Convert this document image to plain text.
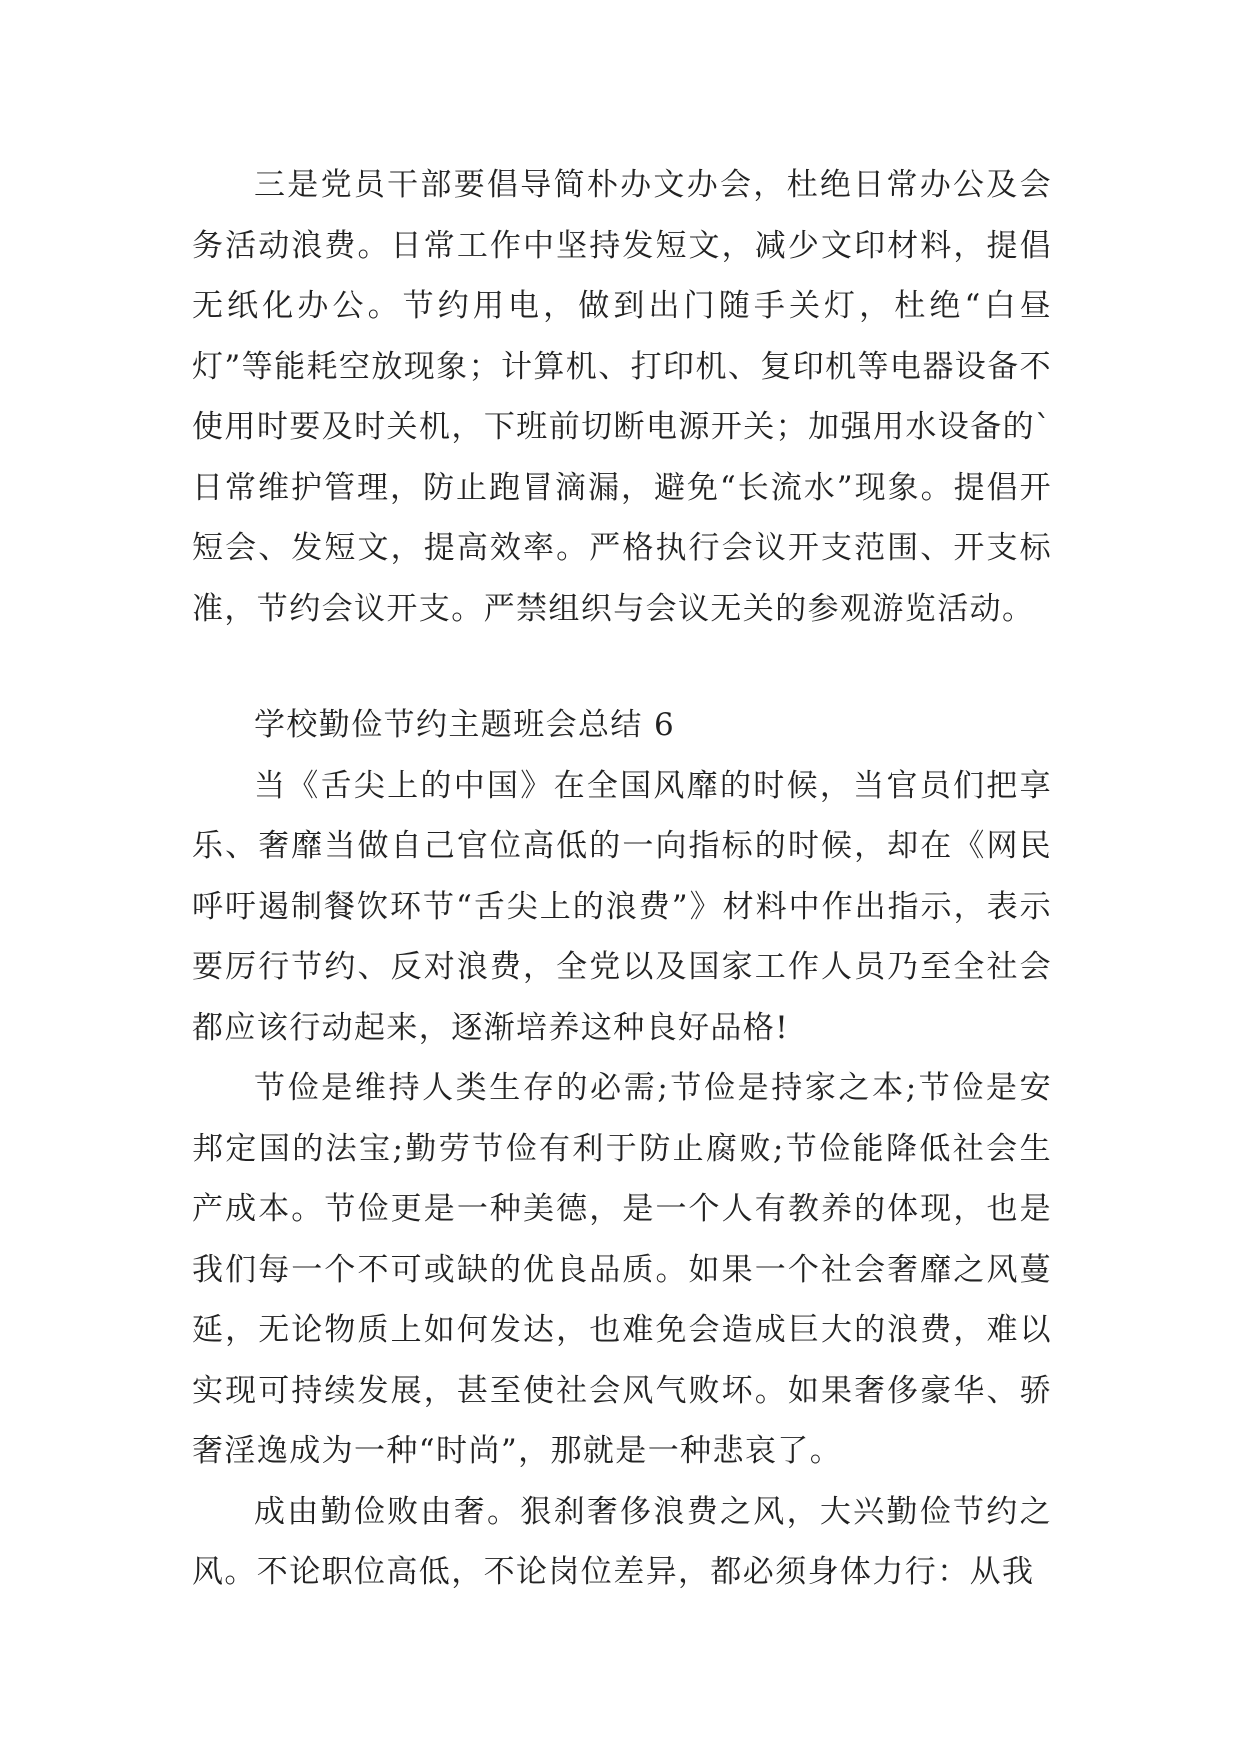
三是党员干部要倡导简朴办文办会，杜绝日常办公及会务活动浪费。日常工作中坚持发短文，减少文印材料，提倡无纸化办公。节约用电，做到出门随手关灯，杜绝“白昼灯”等能耗空放现象；计算机、打印机、复印机等电器设备不使用时要及时关机，下班前切断电源开关；加强用水设备的`日常维护管理，防止跑冒滴漏，避免“长流水”现象。提倡开短会、发短文，提高效率。严格执行会议开支范围、开支标准，节约会议开支。严禁组织与会议无关的参观游览活动。

学校勤俭节约主题班会总结 6

当《舌尖上的中国》在全国风靡的时候，当官员们把享乐、奢靡当做自己官位高低的一向指标的时候，却在《网民呼吁遏制餐饮环节“舌尖上的浪费”》材料中作出指示，表示要厉行节约、反对浪费，全党以及国家工作人员乃至全社会都应该行动起来，逐渐培养这种良好品格!

节俭是维持人类生存的必需;节俭是持家之本;节俭是安邦定国的法宝;勤劳节俭有利于防止腐败;节俭能降低社会生产成本。节俭更是一种美德，是一个人有教养的体现，也是我们每一个不可或缺的优良品质。如果一个社会奢靡之风蔓延，无论物质上如何发达，也难免会造成巨大的浪费，难以实现可持续发展，甚至使社会风气败坏。如果奢侈豪华、骄奢淫逸成为一种“时尚”，那就是一种悲哀了。

成由勤俭败由奢。狠刹奢侈浪费之风，大兴勤俭节约之风。不论职位高低，不论岗位差异，都必须身体力行：从我
